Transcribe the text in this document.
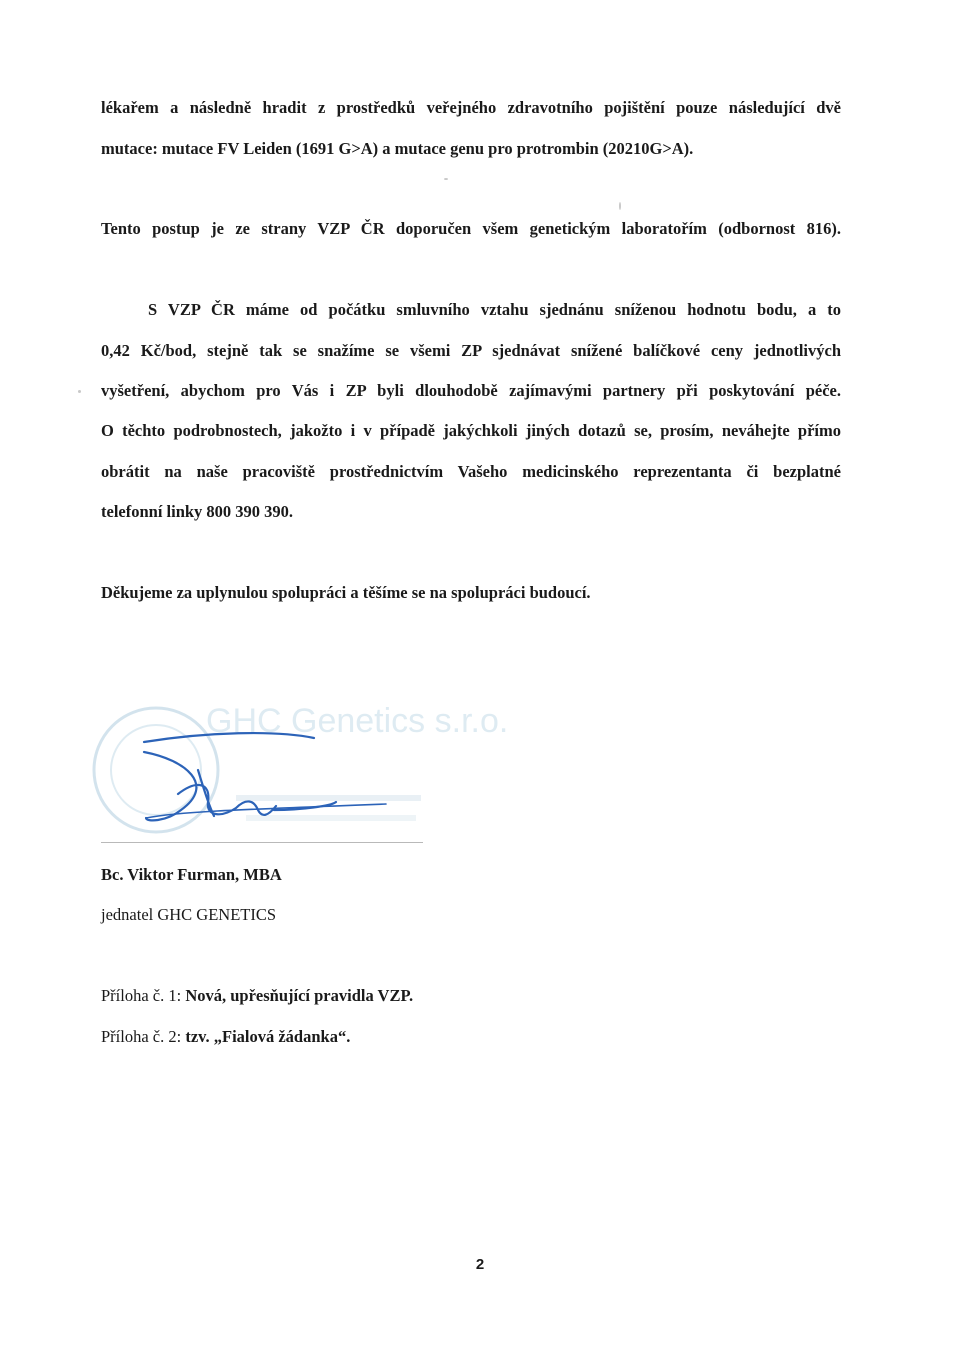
lékařem a následně hradit z prostředků veřejného zdravotního pojištění pouze následující dvě
mutace: mutace FV Leiden (1691 G>A) a mutace genu pro protrombin (20210G>A).
Tento postup je ze strany VZP ČR doporučen všem genetickým laboratořím (odbornost 816).
S VZP ČR máme od počátku smluvního vztahu sjednánu sníženou hodnotu bodu, a to
0,42 Kč/bod, stejně tak se snažíme se všemi ZP sjednávat snížené balíčkové ceny jednotlivých
vyšetření, abychom pro Vás i ZP byli dlouhodobě zajímavými partnery při poskytování péče.
O těchto podrobnostech, jakožto i v případě jakýchkoli jiných dotazů se, prosím, neváhejte přímo
obrátit na naše pracoviště prostřednictvím Vašeho medicinského reprezentanta či bezplatné
telefonní linky 800 390 390.
Děkujeme za uplynulou spolupráci a těšíme se na spolupráci budoucí.
GHC Genetics s.r.o.
Bc. Viktor Furman, MBA
jednatel GHC GENETICS
Příloha č. 1: Nová, upřesňující pravidla VZP.
Příloha č. 2: tzv. „Fialová žádanka“.
2
